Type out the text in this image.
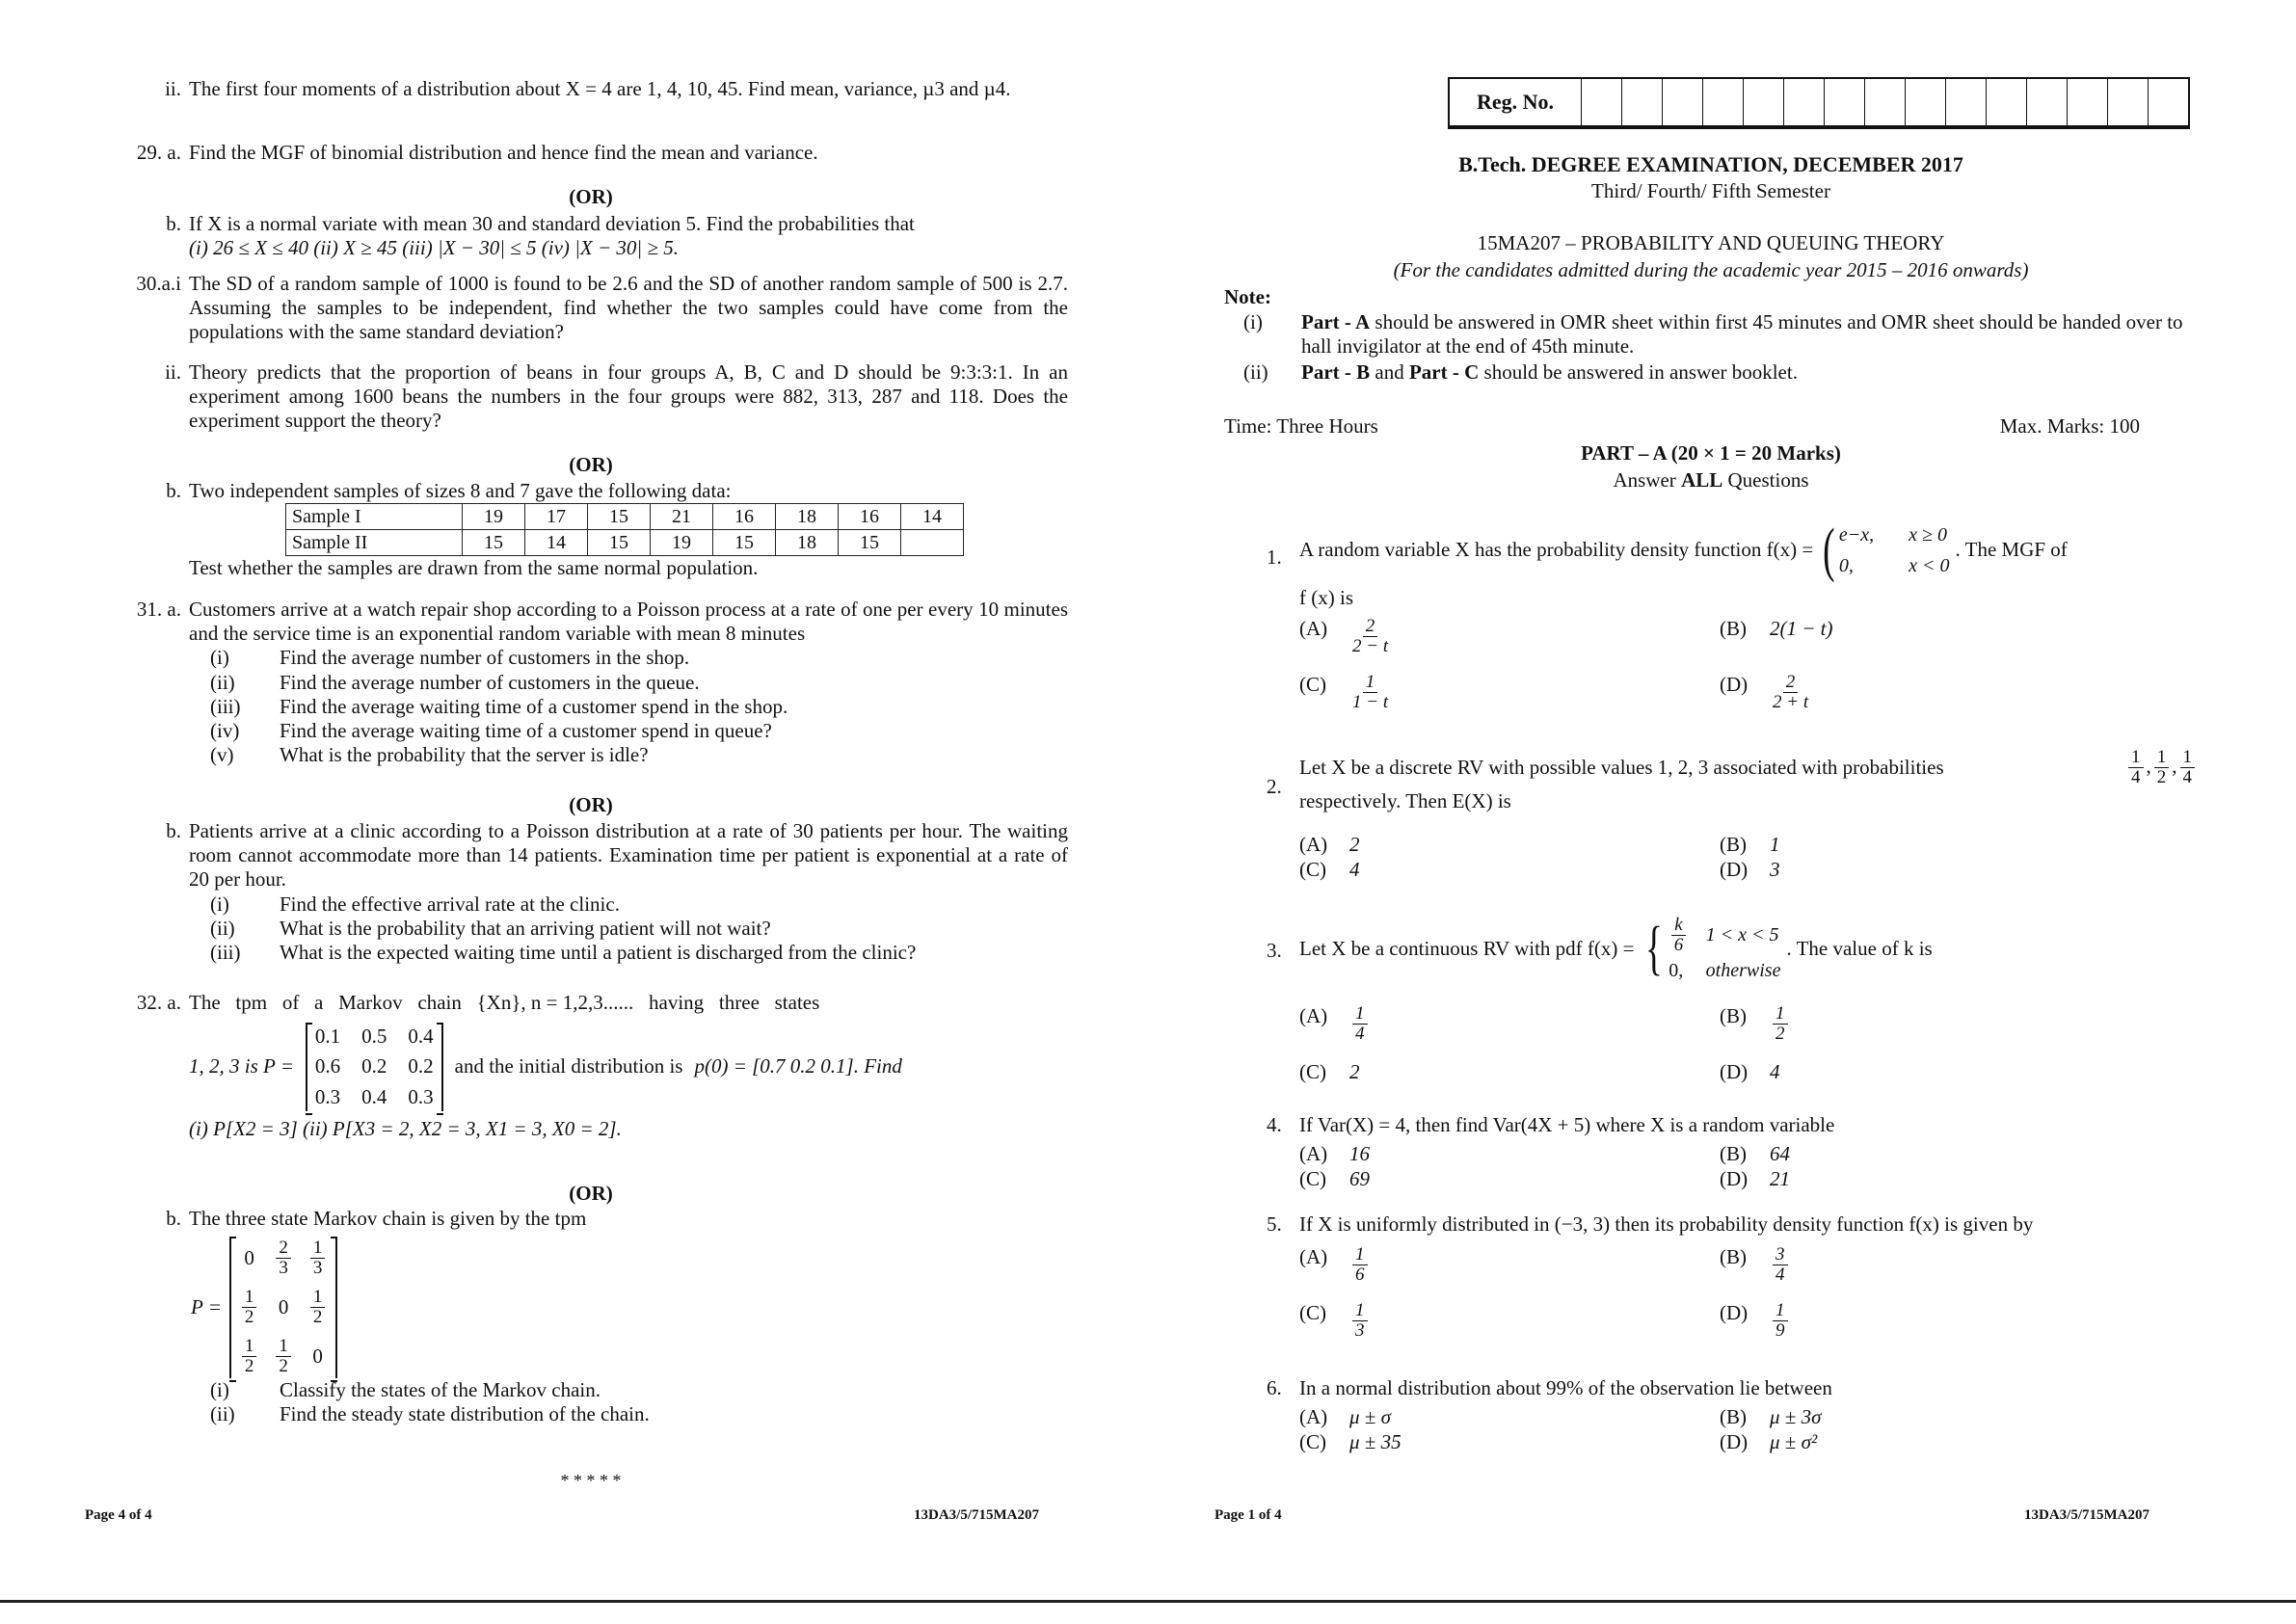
ii. The first four moments of a distribution about X = 4 are 1, 4, 10, 45. Find mean, variance, µ3 and µ4.
29. a. Find the MGF of binomial distribution and hence find the mean and variance.
(OR)
b. If X is a normal variate with mean 30 and standard deviation 5. Find the probabilities that
(i) 26 ≤ X ≤ 40 (ii) X ≥ 45 (iii) |X − 30| ≤ 5 (iv) |X − 30| ≥ 5.
30.a.i The SD of a random sample of 1000 is found to be 2.6 and the SD of another random sample of 500 is 2.7. Assuming the samples to be independent, find whether the two samples could have come from the populations with the same standard deviation?
ii. Theory predicts that the proportion of beans in four groups A, B, C and D should be 9:3:3:1. In an experiment among 1600 beans the numbers in the four groups were 882, 313, 287 and 118. Does the experiment support the theory?
(OR)
b. Two independent samples of sizes 8 and 7 gave the following data:
Sample I	19	17	15	21	16	18	16	14
Sample II	15	14	15	19	15	18	15	
Test whether the samples are drawn from the same normal population.
31. a. Customers arrive at a watch repair shop according to a Poisson process at a rate of one per every 10 minutes and the service time is an exponential random variable with mean 8 minutes
(i)	Find the average number of customers in the shop.
(ii)	Find the average number of customers in the queue.
(iii)	Find the average waiting time of a customer spend in the shop.
(iv)	Find the average waiting time of a customer spend in queue?
(v)	What is the probability that the server is idle?
(OR)
b. Patients arrive at a clinic according to a Poisson distribution at a rate of 30 patients per hour. The waiting room cannot accommodate more than 14 patients. Examination time per patient is exponential at a rate of 20 per hour.
(i)	Find the effective arrival rate at the clinic.
(ii)	What is the probability that an arriving patient will not wait?
(iii)	What is the expected waiting time until a patient is discharged from the clinic?
32. a. The   tpm   of   a   Markov   chain   {Xn}, n = 1,2,3......   having   three   states
1, 2, 3 is P =
0.1 0.5 0.4
0.6 0.2 0.2
0.3 0.4 0.3
and the initial distribution is p(0) = [0.7 0.2 0.1]. Find
(i) P[X2 = 3] (ii) P[X3 = 2, X2 = 3, X1 = 3, X0 = 2].
(OR)
b. The three state Markov chain is given by the tpm
P =
$0 \frac{2}{3} \frac{1}{3}$
$\frac{1}{2} 0 \frac{1}{2}$
$\frac{1}{2} \frac{1}{2} 0$
(i)	Classify the states of the Markov chain.
(ii)	Find the steady state distribution of the chain.
* * * * *
Page 4 of 4	13DA3/5/715MA207
Reg. No.
B.Tech. DEGREE EXAMINATION, DECEMBER 2017
Third/ Fourth/ Fifth Semester
15MA207 – PROBABILITY AND QUEUING THEORY
(For the candidates admitted during the academic year 2015 – 2016 onwards)
Note:
(i)	Part - A should be answered in OMR sheet within first 45 minutes and OMR sheet should be handed over to hall invigilator at the end of 45th minute.
(ii)	Part - B and Part - C should be answered in answer booklet.
Time: Three Hours	Max. Marks: 100
PART – A (20 × 1 = 20 Marks)
Answer ALL Questions
1. A random variable X has the probability density function f(x) = ( e−x, x ≥ 0
0,	x < 0
. The MGF of
f (x) is
(A)	$\frac{2}{2 - t}$	(B)	2(1 − t)
(C)	$\frac{1}{1 - t}$	(D)	$\frac{2}{2 + t}$
2.
Let X be a discrete RV with possible values 1, 2, 3 associated with probabilities	$\frac{1}{4}$ , $\frac{1}{2}$ , $\frac{1}{4}$
respectively. Then E(X) is
(A)	2	(B)	1
(C)	4	(D)	3
3. Let X be a continuous RV with pdf f(x) = { $\frac{k}{6} 1 < x < 5$
0, otherwise
. The value of k is
(A)	$\frac{1}{4}$	(B)	$\frac{1}{2}$
(C)	2	(D)	4
4. If Var(X) = 4, then find Var(4X + 5) where X is a random variable
(A)	16	(B)	64
(C)	69	(D)	21
5. If X is uniformly distributed in (−3, 3) then its probability density function f(x) is given by
(A)	$\frac{1}{6}$	(B)	$\frac{3}{4}$
(C)	$\frac{1}{3}$	(D)	$\frac{1}{9}$
6. In a normal distribution about 99% of the observation lie between
(A)	μ ± σ	(B)	μ ± 3σ
(C)	μ ± 35	(D)	μ ± σ²
Page 1 of 4	13DA3/5/715MA207
